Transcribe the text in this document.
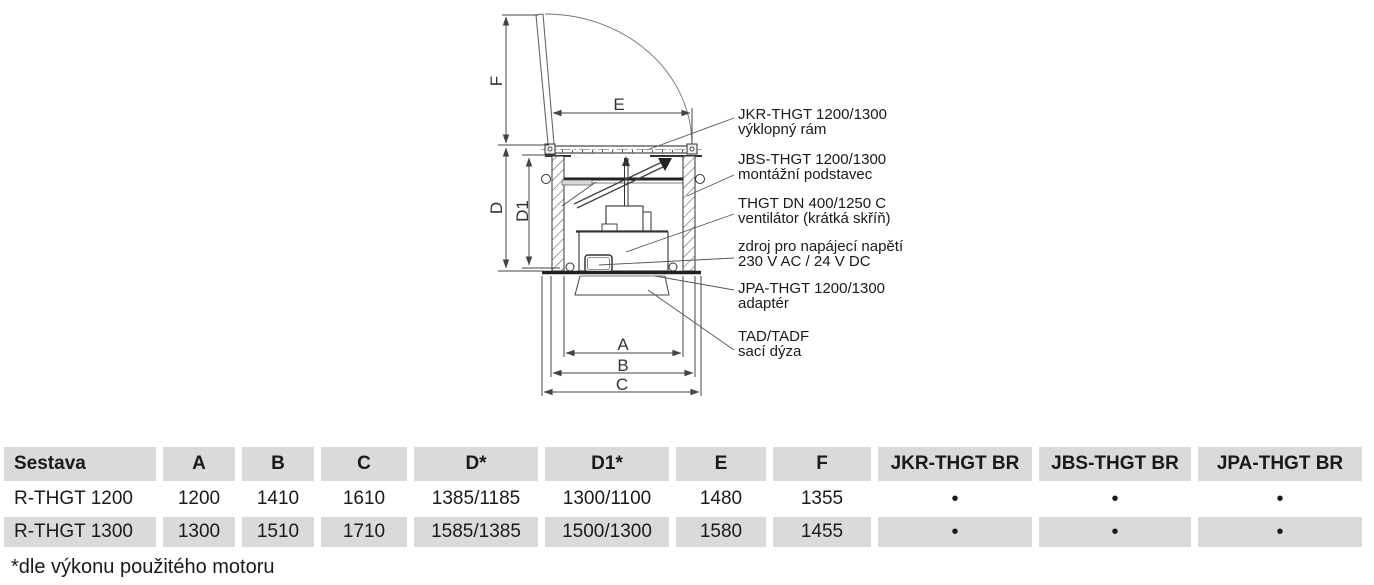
F
D D1
E
A
B
C
JKR-THGT 1200/1300
výklopný rám
JBS-THGT 1200/1300
montážní podstavec
THGT DN 400/1250 C
ventilátor (krátká skříň)
zdroj pro napájecí napětí
230 V AC / 24 V DC
JPA-THGT 1200/1300
adaptér
TAD/TADF
sací dýza
Sestava	A	B	C	D*	D1*	E	F	JKR-THGT BR	JBS-THGT BR	JPA-THGT BR
R-THGT 1200	1200	1410	1610	1385/1185	1300/1100	1480	1355	•	•	•
R-THGT 1300	1300	1510	1710	1585/1385	1500/1300	1580	1455	•	•	•
*dle výkonu použitého motoru
